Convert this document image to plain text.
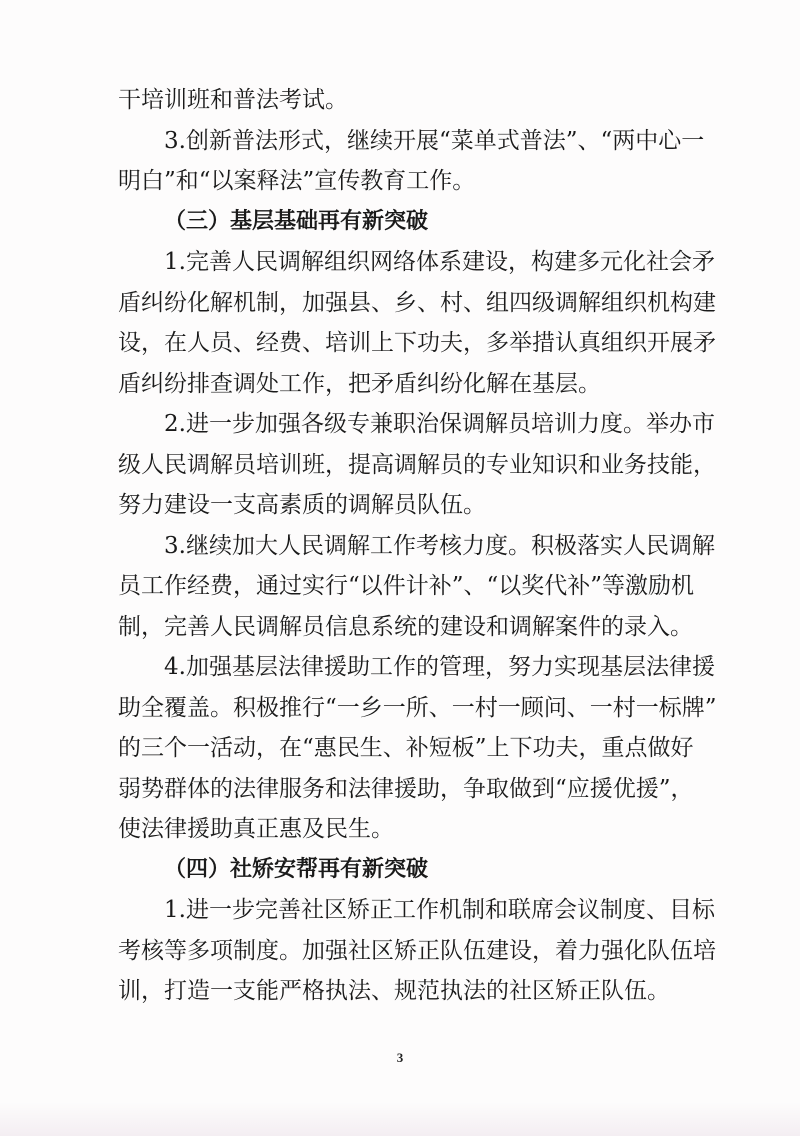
干培训班和普法考试。
3.创新普法形式，继续开展“菜单式普法”、“两中心一
明白”和“以案释法”宣传教育工作。
（三）基层基础再有新突破
1.完善人民调解组织网络体系建设，构建多元化社会矛
盾纠纷化解机制，加强县、乡、村、组四级调解组织机构建
设，在人员、经费、培训上下功夫，多举措认真组织开展矛
盾纠纷排查调处工作，把矛盾纠纷化解在基层。
2.进一步加强各级专兼职治保调解员培训力度。举办市
级人民调解员培训班，提高调解员的专业知识和业务技能，
努力建设一支高素质的调解员队伍。
3.继续加大人民调解工作考核力度。积极落实人民调解
员工作经费，通过实行“以件计补”、“以奖代补”等激励机
制，完善人民调解员信息系统的建设和调解案件的录入。
4.加强基层法律援助工作的管理，努力实现基层法律援
助全覆盖。积极推行“一乡一所、一村一顾问、一村一标牌”
的三个一活动，在“惠民生、补短板”上下功夫，重点做好
弱势群体的法律服务和法律援助，争取做到“应援优援”，
使法律援助真正惠及民生。
（四）社矫安帮再有新突破
1.进一步完善社区矫正工作机制和联席会议制度、目标
考核等多项制度。加强社区矫正队伍建设，着力强化队伍培
训，打造一支能严格执法、规范执法的社区矫正队伍。
3
